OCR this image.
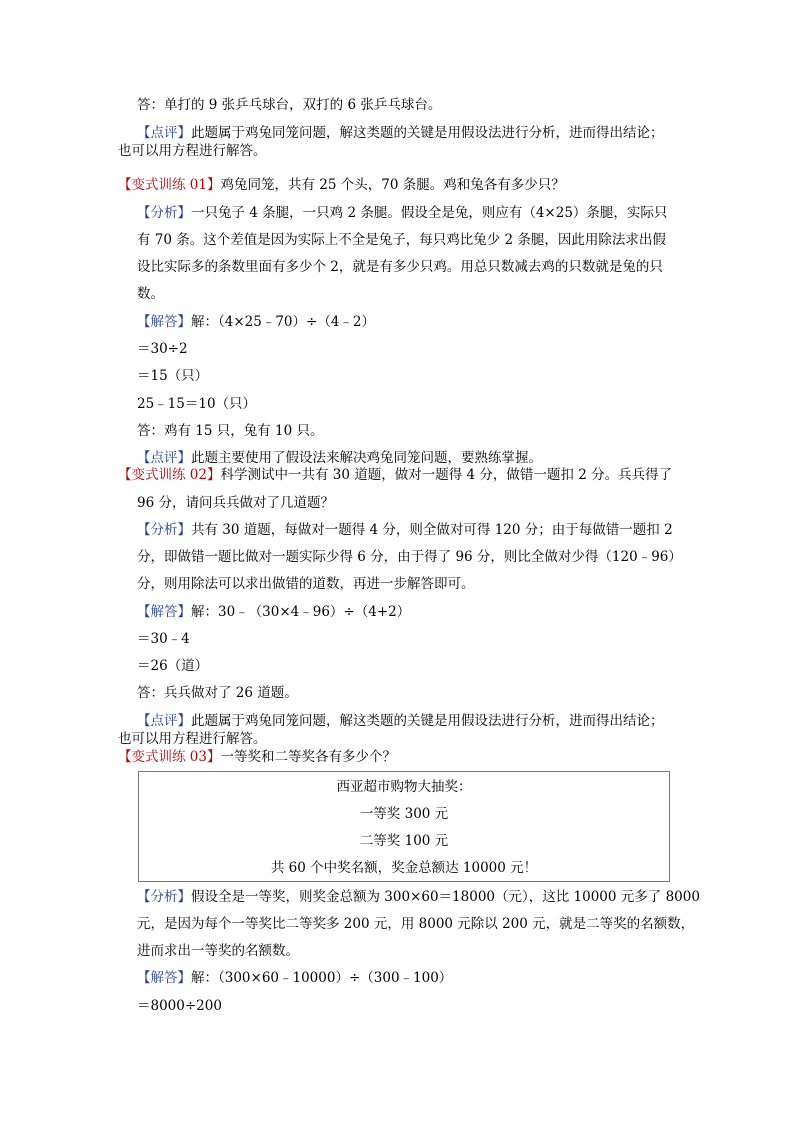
答：单打的 9 张乒乓球台，双打的 6 张乒乓球台。
【点评】此题属于鸡兔同笼问题，解这类题的关键是用假设法进行分析，进而得出结论；
也可以用方程进行解答。
【变式训练 01】鸡兔同笼，共有 25 个头，70 条腿。鸡和兔各有多少只？
【分析】一只兔子 4 条腿，一只鸡 2 条腿。假设全是兔，则应有（4×25）条腿，实际只
有 70 条。这个差值是因为实际上不全是兔子，每只鸡比兔少 2 条腿，因此用除法求出假
设比实际多的条数里面有多少个 2，就是有多少只鸡。用总只数减去鸡的只数就是兔的只
数。
【解答】解：（4×25﹣70）÷（4﹣2）
＝30÷2
＝15（只）
25﹣15＝10（只）
答：鸡有 15 只，兔有 10 只。
【点评】此题主要使用了假设法来解决鸡兔同笼问题，要熟练掌握。
【变式训练 02】科学测试中一共有 30 道题，做对一题得 4 分，做错一题扣 2 分。兵兵得了
96 分，请问兵兵做对了几道题？
【分析】共有 30 道题，每做对一题得 4 分，则全做对可得 120 分；由于每做错一题扣 2
分，即做错一题比做对一题实际少得 6 分，由于得了 96 分，则比全做对少得（120﹣96）
分，则用除法可以求出做错的道数，再进一步解答即可。
【解答】解：30﹣（30×4﹣96）÷（4+2）
＝30﹣4
＝26（道）
答：兵兵做对了 26 道题。
【点评】此题属于鸡兔同笼问题，解这类题的关键是用假设法进行分析，进而得出结论；
也可以用方程进行解答。
【变式训练 03】一等奖和二等奖各有多少个？
西亚超市购物大抽奖：
一等奖 300 元
二等奖 100 元
共 60 个中奖名额，奖金总额达 10000 元！
【分析】假设全是一等奖，则奖金总额为 300×60＝18000（元），这比 10000 元多了 8000
元，是因为每个一等奖比二等奖多 200 元，用 8000 元除以 200 元，就是二等奖的名额数，
进而求出一等奖的名额数。
【解答】解：（300×60﹣10000）÷（300﹣100）
＝8000÷200
